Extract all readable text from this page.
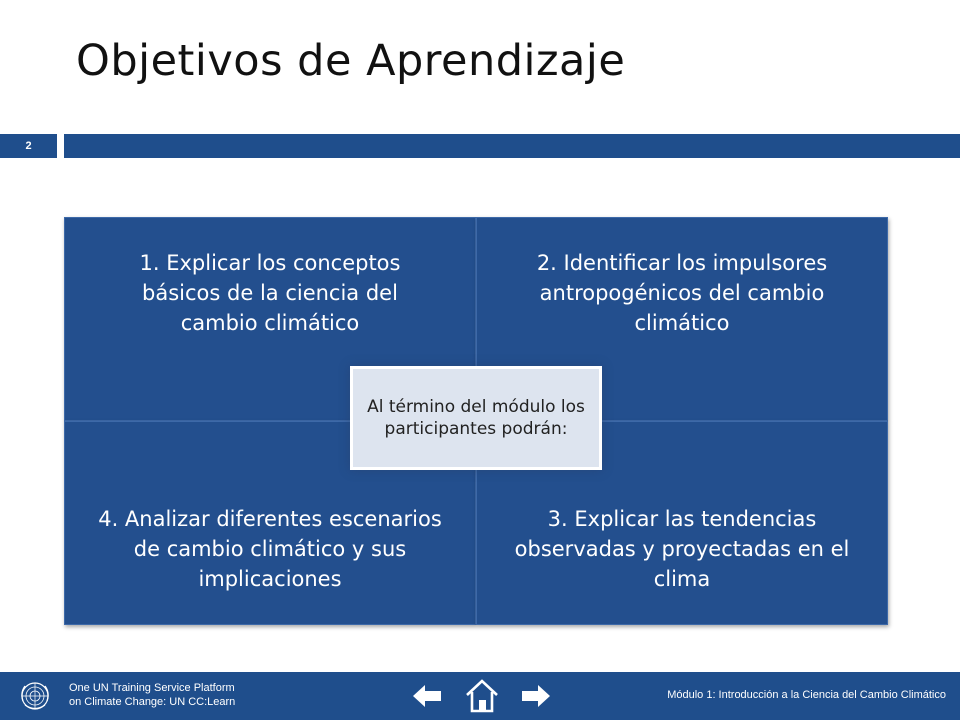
Objetivos de Aprendizaje
2
1. Explicar los conceptos básicos de la ciencia del cambio climático
2. Identificar los impulsores antropogénicos del cambio climático
4. Analizar diferentes escenarios de cambio climático y sus implicaciones
3. Explicar las tendencias observadas y proyectadas en el clima
Al término del módulo los participantes podrán:
One UN Training Service Platform
on Climate Change: UN CC:Learn
Módulo 1: Introducción a la Ciencia del Cambio Climático
